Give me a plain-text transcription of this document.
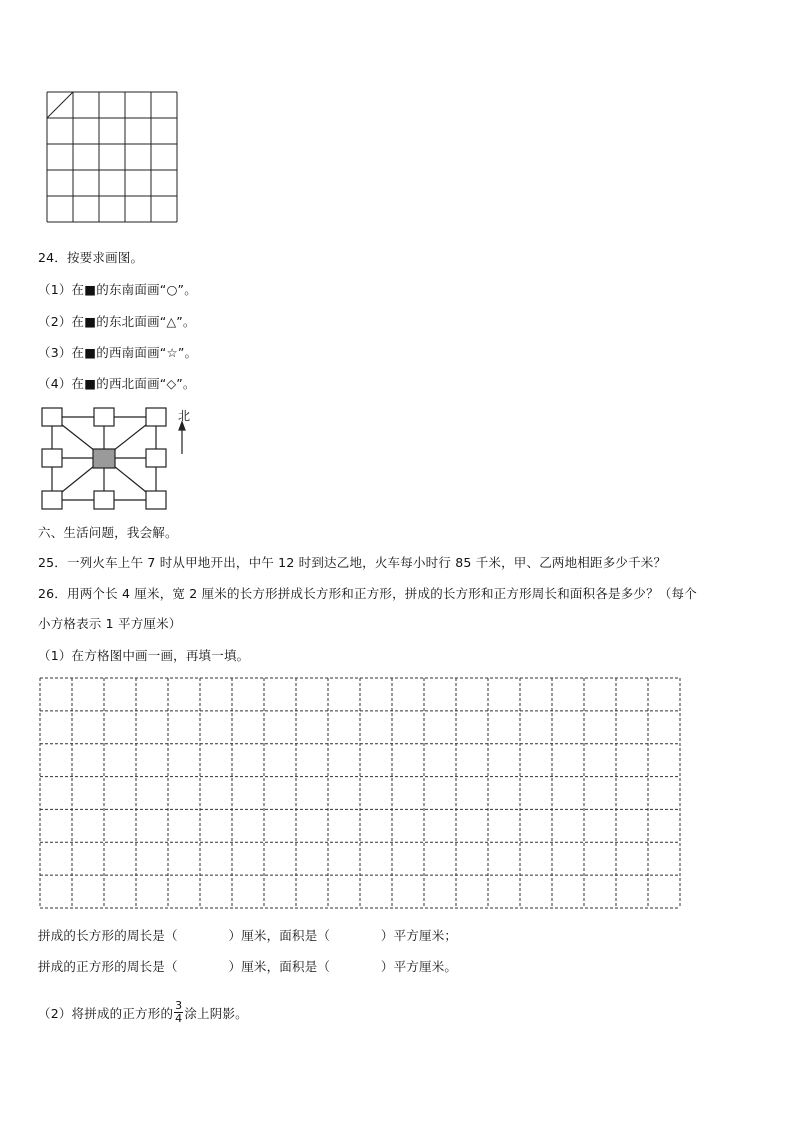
24．按要求画图。
（1）在■的东南面画“○”。
（2）在■的东北面画“△”。
（3）在■的西南面画“☆”。
（4）在■的西北面画“◇”。
北
六、生活问题，我会解。
25．一列火车上午 7 时从甲地开出，中午 12 时到达乙地，火车每小时行 85 千米，甲、乙两地相距多少千米？
26．用两个长 4 厘米，宽 2 厘米的长方形拼成长方形和正方形，拼成的长方形和正方形周长和面积各是多少？（每个
小方格表示 1 平方厘米）
（1）在方格图中画一画，再填一填。
拼成的长方形的周长是（　　　　）厘米，面积是（　　　　）平方厘米；
拼成的正方形的周长是（　　　　）厘米，面积是（　　　　）平方厘米。
（2）将拼成的正方形的 $\frac{3}{4}$ 涂上阴影。
